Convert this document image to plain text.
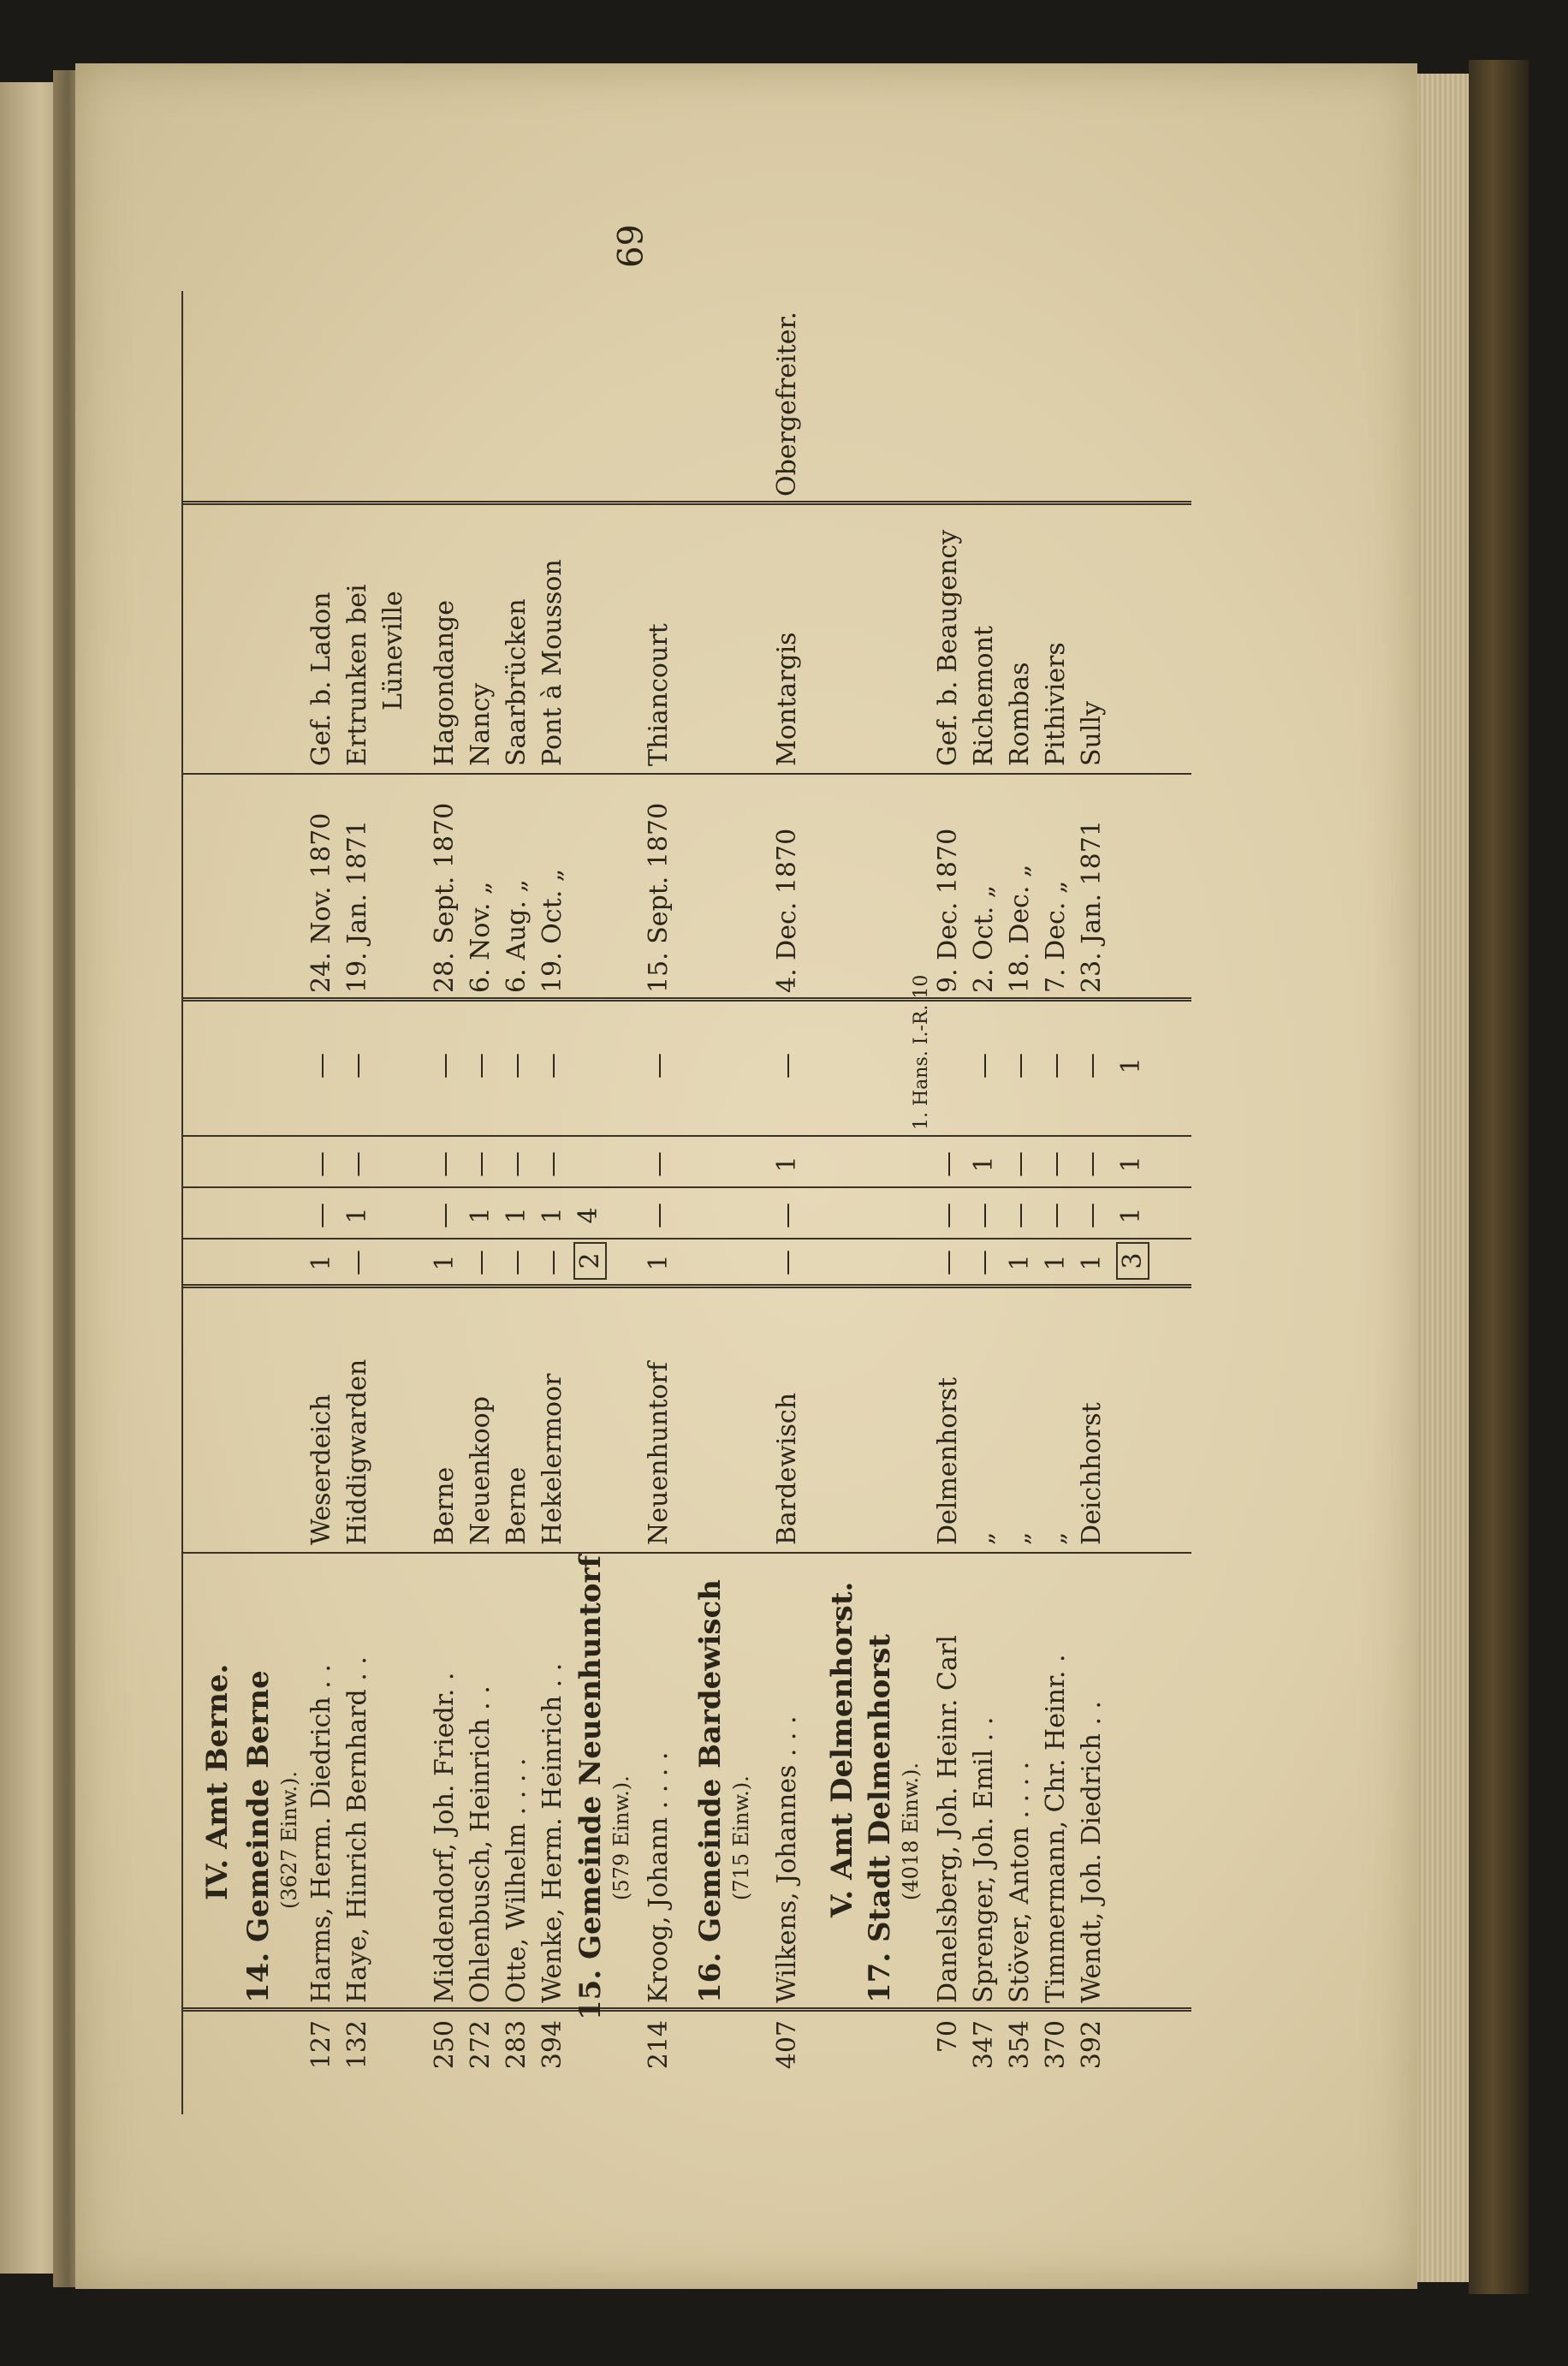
69
IV. Amt Berne. 14. Gemeinde Berne (3627 Einw.).
127
Harms, Herm. Diedrich . .
Weserdeich
1
—
—
—
24. Nov. 1870
Gef. b. Ladon
132
Haye, Hinrich Bernhard . .
Hiddigwarden
—
1
—
—
19. Jan. 1871
Ertrunken bei Lüneville
250
Middendorf, Joh. Friedr. .
Berne
1
—
—
—
28. Sept. 1870
Hagondange
272
Ohlenbusch, Heinrich . .
Neuenkoop
—
1
—
—
6. Nov. „
Nancy
283
Otte, Wilhelm . . . .
Berne
—
1
—
—
6. Aug. „
Saarbrücken
394
Wenke, Herm. Heinrich . .
Hekelermoor
—
1
—
—
19. Oct. „
Pont à Mousson
15. Gemeinde Neuenhuntorf
2
4
(579 Einw.).
214
Kroog, Johann . . . .
Neuenhuntorf
1
—
—
—
15. Sept. 1870
Thiancourt
16. Gemeinde Bardewisch (715 Einw.).
407
Wilkens, Johannes . . .
Bardewisch
—
—
1
—
4. Dec. 1870
Montargis
Obergefreiter.
V. Amt Delmenhorst. 17. Stadt Delmenhorst (4018 Einw.).
70
Danelsberg, Joh. Heinr. Carl
Delmenhorst
—
—
—
1. Hans. I.-R. 10
9. Dec. 1870
Gef. b. Beaugency
347
Sprenger, Joh. Emil . .
„
—
—
1
—
2. Oct. „
Richemont
354
Stöver, Anton . . . .
„
1
—
—
—
18. Dec. „
Rombas
370
Timmermann, Chr. Heinr. .
„
1
—
—
—
7. Dec. „
Pithiviers
392
Wendt, Joh. Diedrich . .
Deichhorst
1
—
—
—
23. Jan. 1871
Sully
3
1
1
1
